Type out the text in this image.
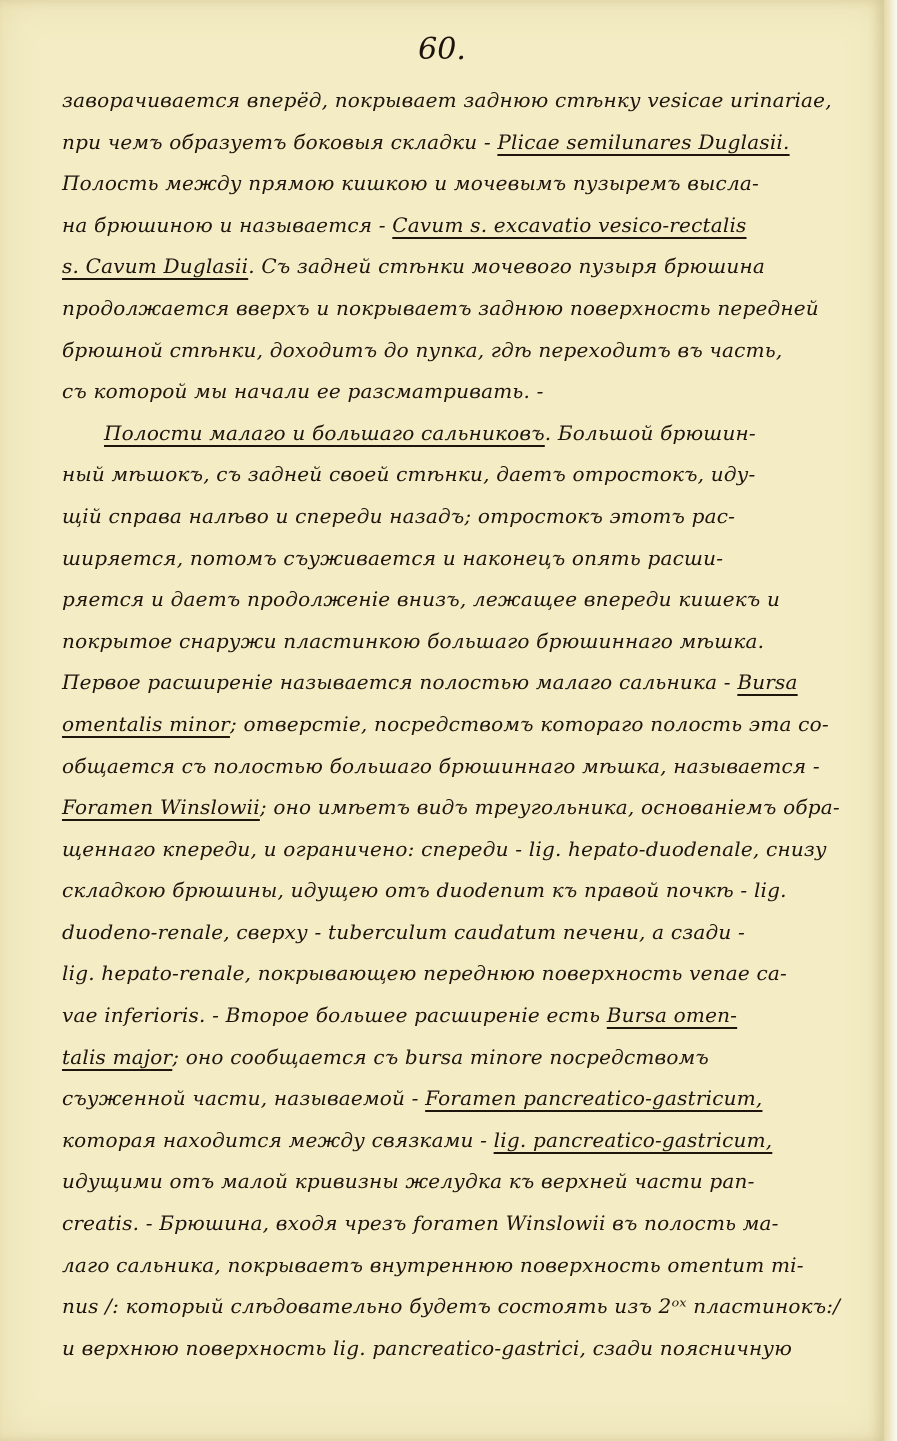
60.
заворачивается вперёд, покрывает заднюю стѣнку vesicae urinariae,
при чемъ образуетъ боковыя складки - Plicae semilunares Duglasii.
Полость между прямою кишкою и мочевымъ пузыремъ высла-
на брюшиною и называется - Cavum s. excavatio vesico-rectalis
s. Cavum Duglasii. Съ задней стѣнки мочевого пузыря брюшина
продолжается вверхъ и покрываетъ заднюю поверхность передней
брюшной стѣнки, доходитъ до пупка, гдѣ переходитъ въ часть,
съ которой мы начали ее разсматривать. -
Полости малаго и большаго сальниковъ. Большой брюшин-
ный мѣшокъ, съ задней своей стѣнки, даетъ отростокъ, иду-
щій справа налѣво и спереди назадъ; отростокъ этотъ рас-
ширяется, потомъ съуживается и наконецъ опять расши-
ряется и даетъ продолженіе внизъ, лежащее впереди кишекъ и
покрытое снаружи пластинкою большаго брюшиннаго мѣшка.
Первое расширеніе называется полостью малаго сальника - Bursa
omentalis minor; отверстіе, посредствомъ котораго полость эта со-
общается съ полостью большаго брюшиннаго мѣшка, называется -
Foramen Winslowii; оно имѣетъ видъ треугольника, основаніемъ обра-
щеннаго кпереди, и ограничено: спереди - lig. hepato-duodenale, снизу
складкою брюшины, идущею отъ duodenum къ правой почкѣ - lig.
duodeno-renale, сверху - tuberculum caudatum печени, а сзади -
lig. hepato-renale, покрывающею переднюю поверхность venae ca-
vae inferioris. - Второе большее расширеніе есть Bursa omen-
talis major; оно сообщается съ bursa minore посредствомъ
съуженной части, называемой - Foramen pancreatico-gastricum,
которая находится между связками - lig. pancreatico-gastricum,
идущими отъ малой кривизны желудка къ верхней части pan-
creatis. - Брюшина, входя чрезъ foramen Winslowii въ полость ма-
лаго сальника, покрываетъ внутреннюю поверхность omentum mi-
nus /: который слѣдовательно будетъ состоять изъ 2ᵒˣ пластинокъ:/
и верхнюю поверхность lig. pancreatico-gastrici, сзади поясничную
